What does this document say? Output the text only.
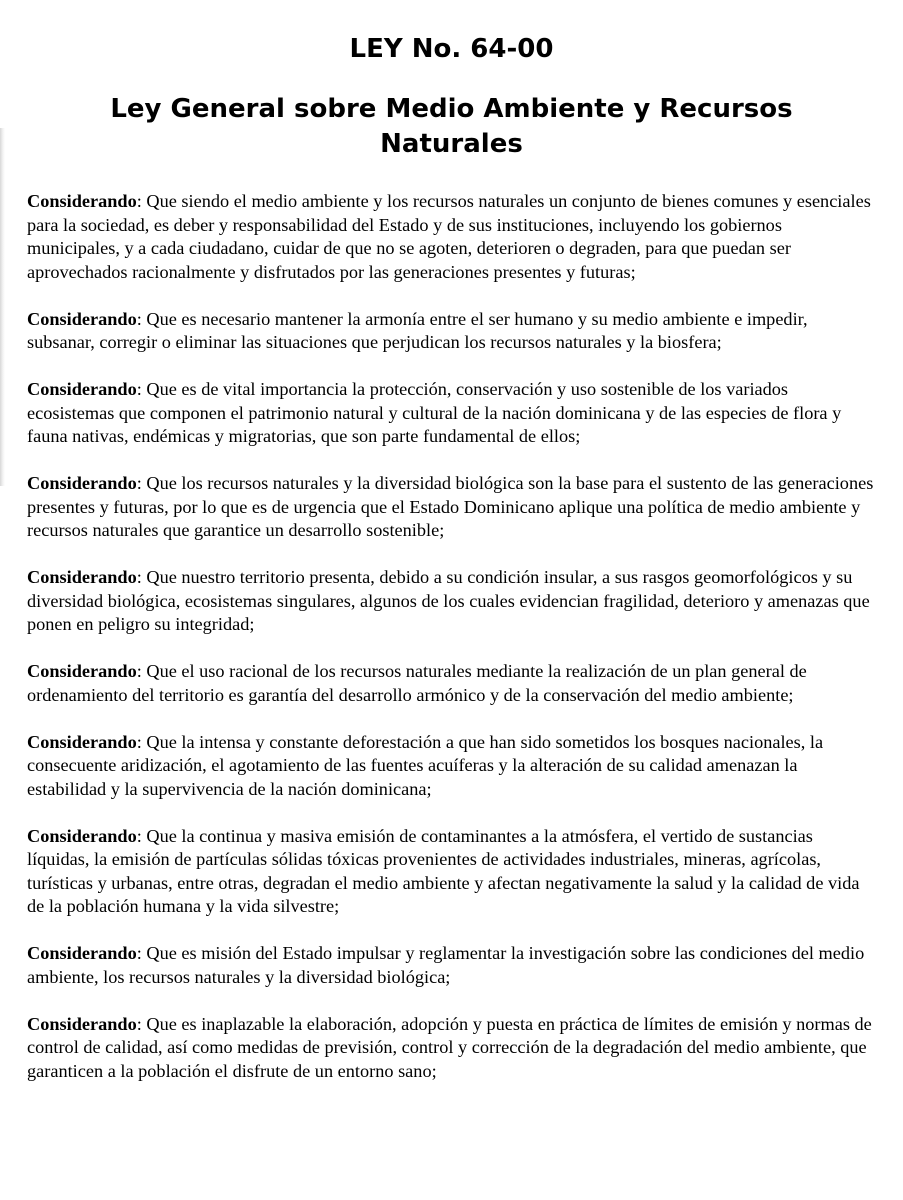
LEY No. 64-00
Ley General sobre Medio Ambiente y Recursos Naturales

Considerando: Que siendo el medio ambiente y los recursos naturales un conjunto de bienes comunes y esenciales para la sociedad, es deber y responsabilidad del Estado y de sus instituciones, incluyendo los gobiernos municipales, y a cada ciudadano, cuidar de que no se agoten, deterioren o degraden, para que puedan ser aprovechados racionalmente y disfrutados por las generaciones presentes y futuras;

Considerando: Que es necesario mantener la armonía entre el ser humano y su medio ambiente e impedir, subsanar, corregir o eliminar las situaciones que perjudican los recursos naturales y la biosfera;

Considerando: Que es de vital importancia la protección, conservación y uso sostenible de los variados ecosistemas que componen el patrimonio natural y cultural de la nación dominicana y de las especies de flora y fauna nativas, endémicas y migratorias, que son parte fundamental de ellos;

Considerando: Que los recursos naturales y la diversidad biológica son la base para el sustento de las generaciones presentes y futuras, por lo que es de urgencia que el Estado Dominicano aplique una política de medio ambiente y recursos naturales que garantice un desarrollo sostenible;

Considerando: Que nuestro territorio presenta, debido a su condición insular, a sus rasgos geomorfológicos y su diversidad biológica, ecosistemas singulares, algunos de los cuales evidencian fragilidad, deterioro y amenazas que ponen en peligro su integridad;

Considerando: Que el uso racional de los recursos naturales mediante la realización de un plan general de ordenamiento del territorio es garantía del desarrollo armónico y de la conservación del medio ambiente;

Considerando: Que la intensa y constante deforestación a que han sido sometidos los bosques nacionales, la consecuente aridización, el agotamiento de las fuentes acuíferas y la alteración de su calidad amenazan la estabilidad y la supervivencia de la nación dominicana;

Considerando: Que la continua y masiva emisión de contaminantes a la atmósfera, el vertido de sustancias líquidas, la emisión de partículas sólidas tóxicas provenientes de actividades industriales, mineras, agrícolas, turísticas y urbanas, entre otras, degradan el medio ambiente y afectan negativamente la salud y la calidad de vida de la población humana y la vida silvestre;

Considerando: Que es misión del Estado impulsar y reglamentar la investigación sobre las condiciones del medio ambiente, los recursos naturales y la diversidad biológica;

Considerando: Que es inaplazable la elaboración, adopción y puesta en práctica de límites de emisión y normas de control de calidad, así como medidas de previsión, control y corrección de la degradación del medio ambiente, que garanticen a la población el disfrute de un entorno sano;
